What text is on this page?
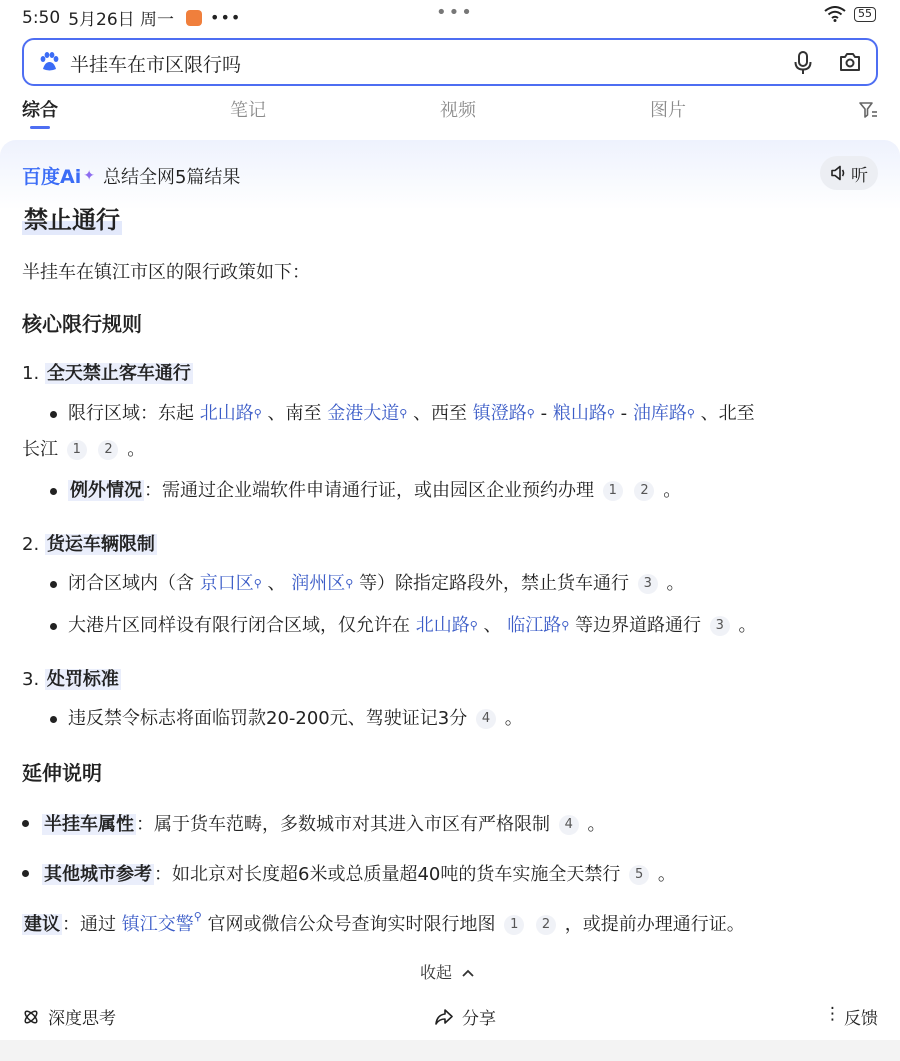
5:50 5月26日 周一 •••	•••	55
半挂车在市区限行吗
综合	笔记	视频	图片
百度Ai ✦ 总结全网5篇结果	听
禁止通行
半挂车在镇江市区的限行政策如下：
核心限行规则
1. 全天禁止客车通行
限行区域：东起 北山路⚲ 、南至 金港大道⚲ 、西至 镇澄路⚲ - 粮山路⚲ - 油库路⚲ 、北至
长江 1 2 。
例外情况 ：需通过企业端软件申请通行证，或由园区企业预约办理 1 2 。
2. 货运车辆限制
闭合区域内（含 京口区⚲ 、 润州区⚲ 等）除指定路段外，禁止货车通行 3 。
大港片区同样设有限行闭合区域，仅允许在 北山路⚲ 、 临江路⚲ 等边界道路通行 3 。
3. 处罚标准
违反禁令标志将面临罚款20-200元、驾驶证记3分 4 。
延伸说明
半挂车属性 ：属于货车范畴，多数城市对其进入市区有严格限制 4 。
其他城市参考 ：如北京对长度超6米或总质量超40吨的货车实施全天禁行 5 。
建议 ：通过 镇江交警⚲ 官网或微信公众号查询实时限行地图 1 2 ，或提前办理通行证。
收起
深度思考	分享	⋮ 反馈
